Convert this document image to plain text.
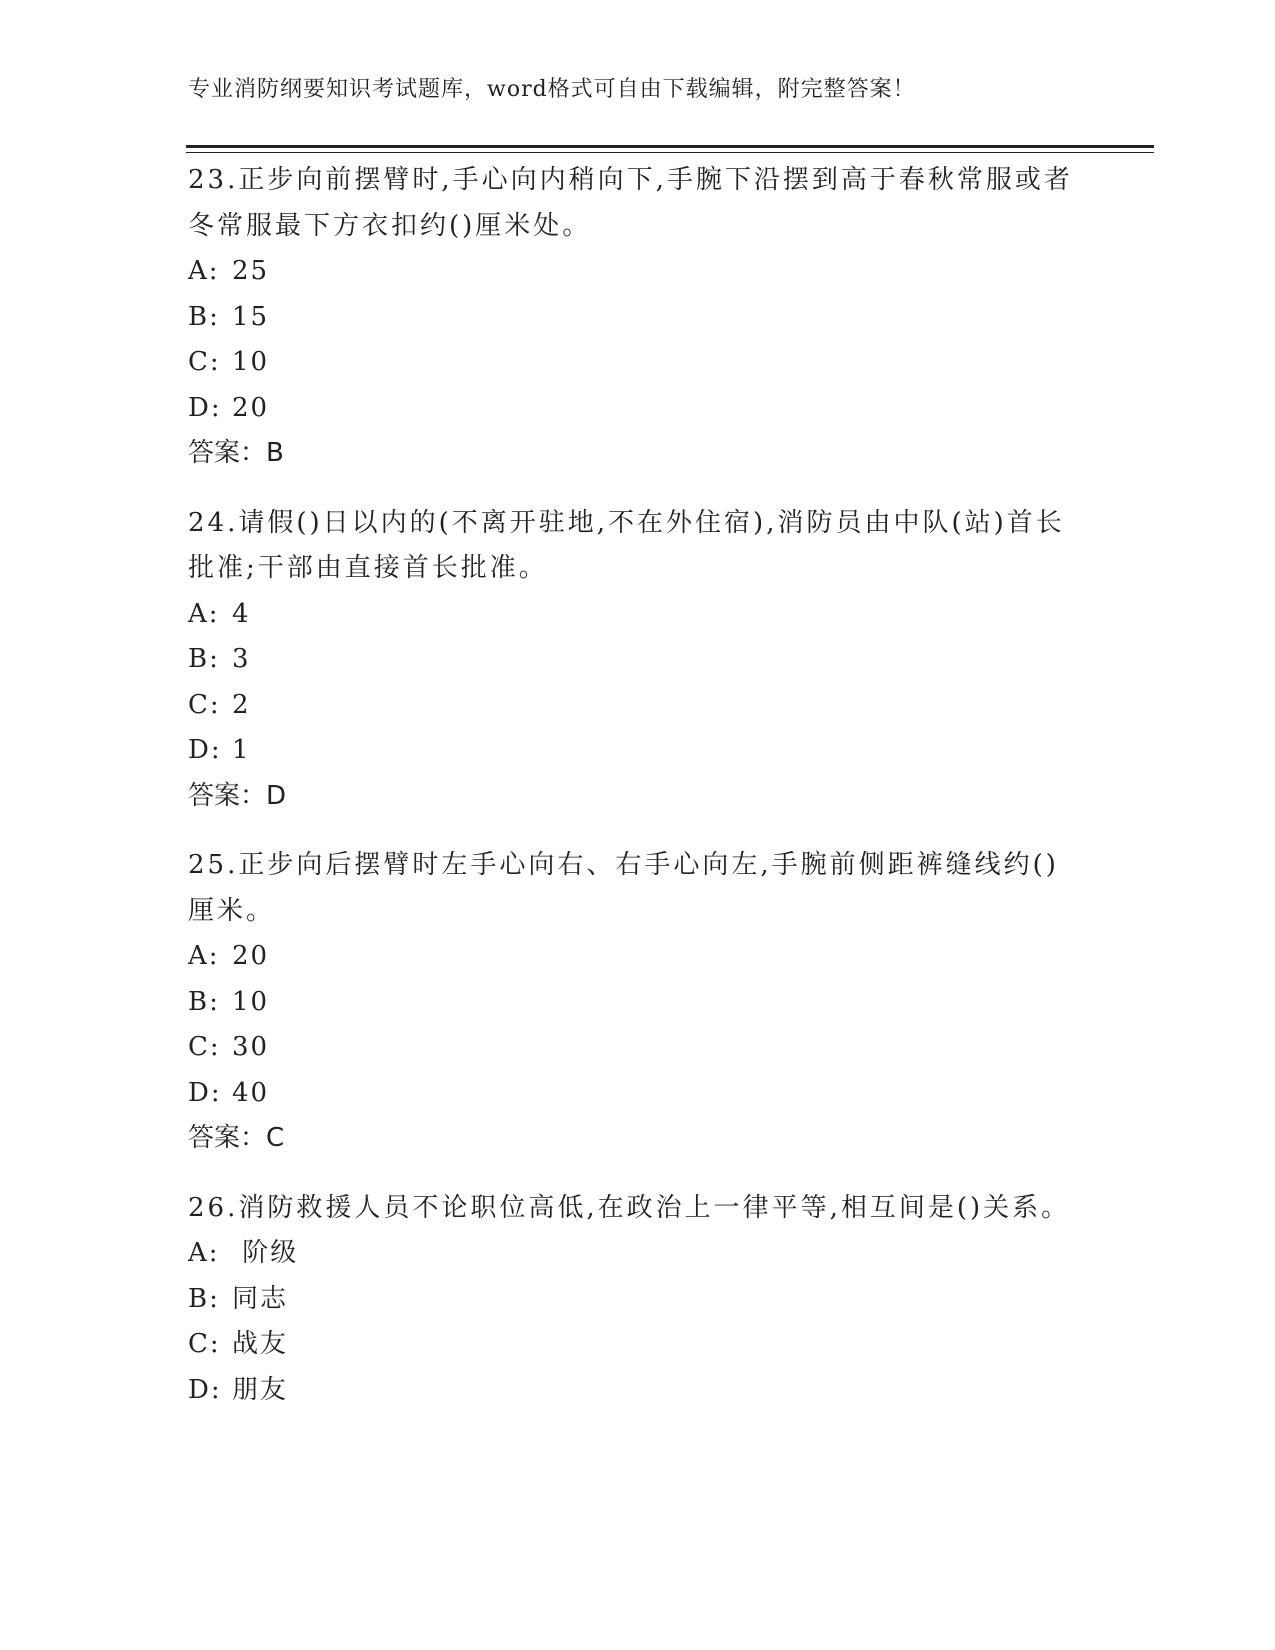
专业消防纲要知识考试题库，word格式可自由下载编辑，附完整答案！
23.正步向前摆臂时,手心向内稍向下,手腕下沿摆到高于春秋常服或者
冬常服最下方衣扣约()厘米处。
A: 25
B: 15
C: 10
D: 20
答案：B
24.请假()日以内的(不离开驻地,不在外住宿),消防员由中队(站)首长
批准;干部由直接首长批准。
A: 4
B: 3
C: 2
D: 1
答案：D
25.正步向后摆臂时左手心向右、右手心向左,手腕前侧距裤缝线约()
厘米。
A: 20
B: 10
C: 30
D: 40
答案：C
26.消防救援人员不论职位高低,在政治上一律平等,相互间是()关系。
A: 阶级
B: 同志
C: 战友
D: 朋友
